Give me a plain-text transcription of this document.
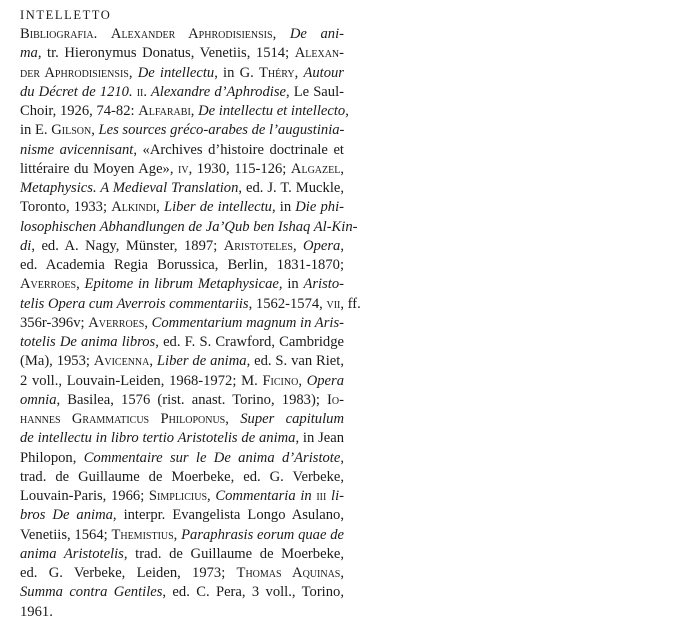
INTELLETTO
Bibliografia. Alexander Aphrodisiensis, De ani-
ma, tr. Hieronymus Donatus, Venetiis, 1514; Alexan-
der Aphrodisiensis, De intellectu, in G. Théry, Autour
du Décret de 1210. ii. Alexandre d’Aphrodise, Le Saul-
Choir, 1926, 74-82: Alfarabi, De intellectu et intellecto,
in E. Gilson, Les sources gréco-arabes de l’augustinia-
nisme avicennisant, «Archives d’histoire doctrinale et
littéraire du Moyen Age», iv, 1930, 115-126; Algazel,
Metaphysics. A Medieval Translation, ed. J. T. Muckle,
Toronto, 1933; Alkindi, Liber de intellectu, in Die phi-
losophischen Abhandlungen de Ja’Qub ben Ishaq Al-Kin-
di, ed. A. Nagy, Münster, 1897; Aristoteles, Opera,
ed. Academia Regia Borussica, Berlin, 1831-1870;
Averroes, Epitome in librum Metaphysicae, in Aristo-
telis Opera cum Averrois commentariis, 1562-1574, vii, ff.
356r-396v; Averroes, Commentarium magnum in Aris-
totelis De anima libros, ed. F. S. Crawford, Cambridge
(Ma), 1953; Avicenna, Liber de anima, ed. S. van Riet,
2 voll., Louvain-Leiden, 1968-1972; M. Ficino, Opera
omnia, Basilea, 1576 (rist. anast. Torino, 1983); Io-
hannes Grammaticus Philoponus, Super capitulum
de intellectu in libro tertio Aristotelis de anima, in Jean
Philopon, Commentaire sur le De anima d’Aristote,
trad. de Guillaume de Moerbeke, ed. G. Verbeke,
Louvain-Paris, 1966; Simplicius, Commentaria in iii li-
bros De anima, interpr. Evangelista Longo Asulano,
Venetiis, 1564; Themistius, Paraphrasis eorum quae de
anima Aristotelis, trad. de Guillaume de Moerbeke,
ed. G. Verbeke, Leiden, 1973; Thomas Aquinas,
Summa contra Gentiles, ed. C. Pera, 3 voll., Torino,
1961.
